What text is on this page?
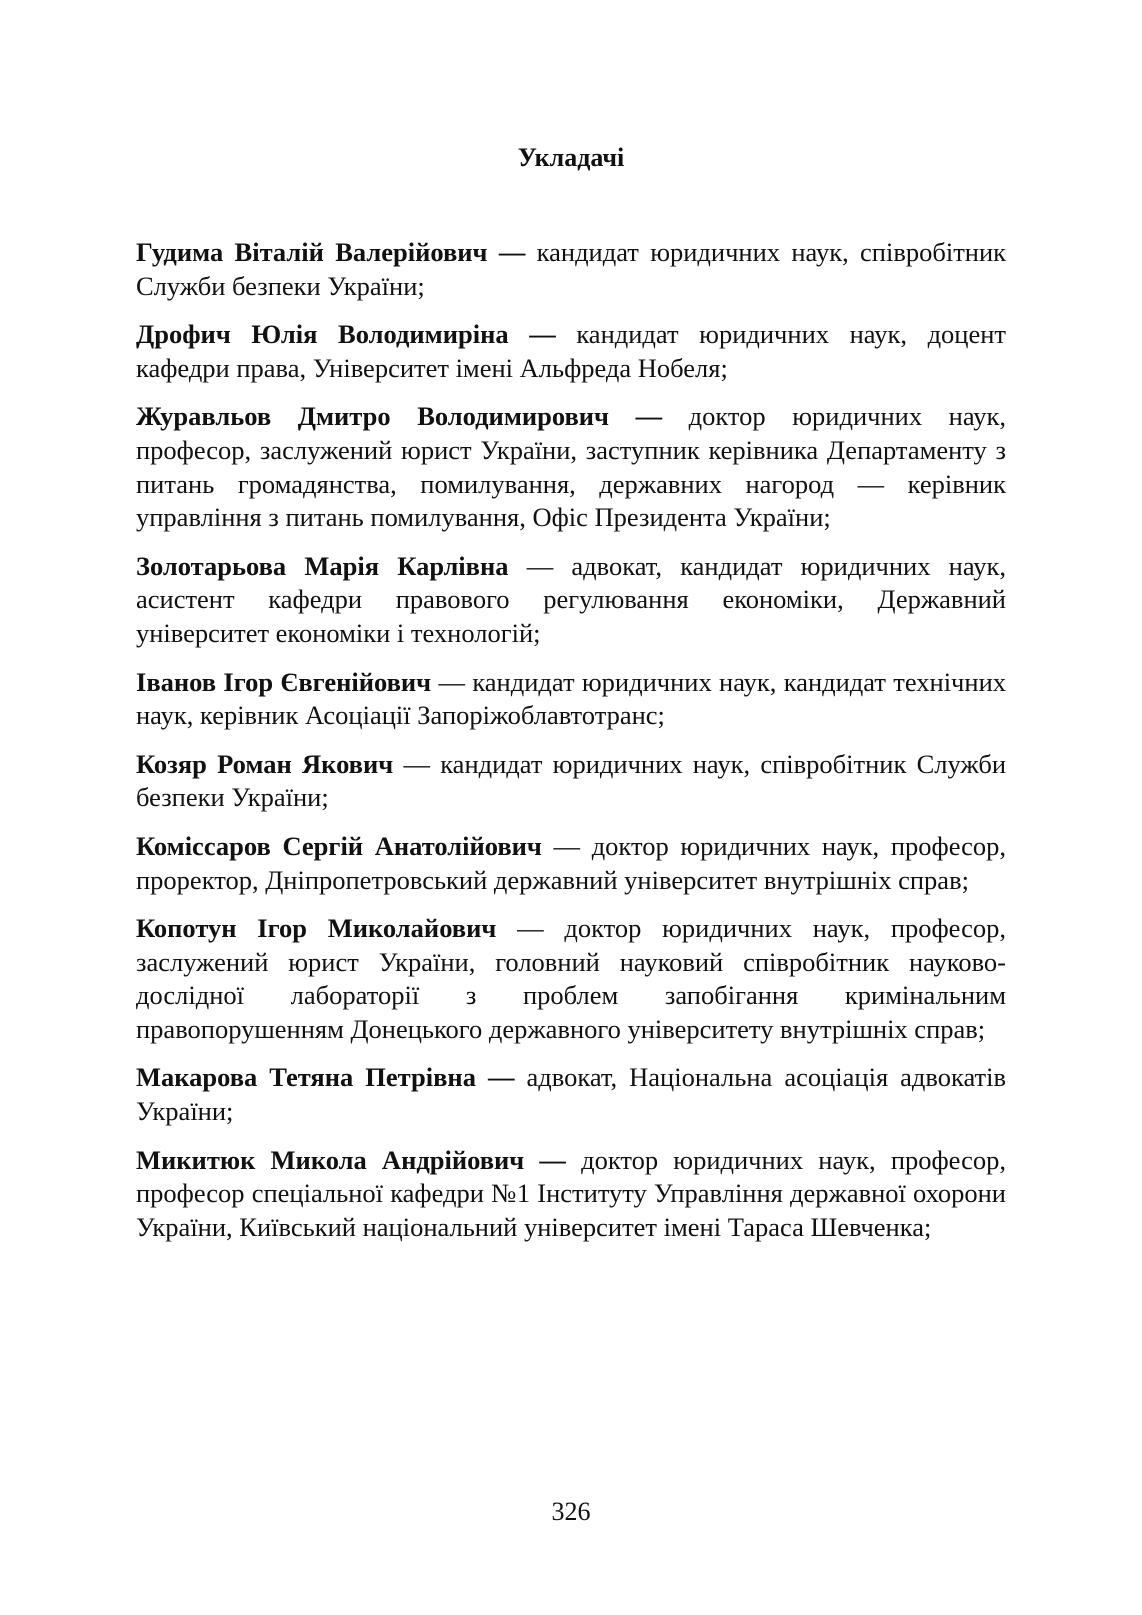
Укладачі

Гудима Віталій Валерійович — кандидат юридичних наук, співробітник Служби безпеки України;

Дрофич Юлія Володимиріна — кандидат юридичних наук, доцент кафедри права, Університет імені Альфреда Нобеля;

Журавльов Дмитро Володимирович — доктор юридичних наук, професор, заслужений юрист України, заступник керівника Департаменту з питань громадянства, помилування, державних нагород — керівник управління з питань помилування, Офіс Президента України;

Золотарьова Марія Карлівна — адвокат, кандидат юридичних наук, асистент кафедри правового регулювання економіки, Державний університет економіки і технологій;

Іванов Ігор Євгенійович — кандидат юридичних наук, кандидат технічних наук, керівник Асоціації Запоріжоблавтотранс;

Козяр Роман Якович — кандидат юридичних наук, співробітник Служби безпеки України;

Коміссаров Сергій Анатолійович — доктор юридичних наук, професор, проректор, Дніпропетровський державний університет внутрішніх справ;

Копотун Ігор Миколайович — доктор юридичних наук, професор, заслужений юрист України, головний науковий співробітник науково-дослідної лабораторії з проблем запобігання кримінальним правопорушенням Донецького державного університету внутрішніх справ;

Макарова Тетяна Петрівна — адвокат, Національна асоціація адвокатів України;

Микитюк Микола Андрійович — доктор юридичних наук, професор, професор спеціальної кафедри №1 Інституту Управління державної охорони України, Київський національний університет імені Тараса Шевченка;

326
